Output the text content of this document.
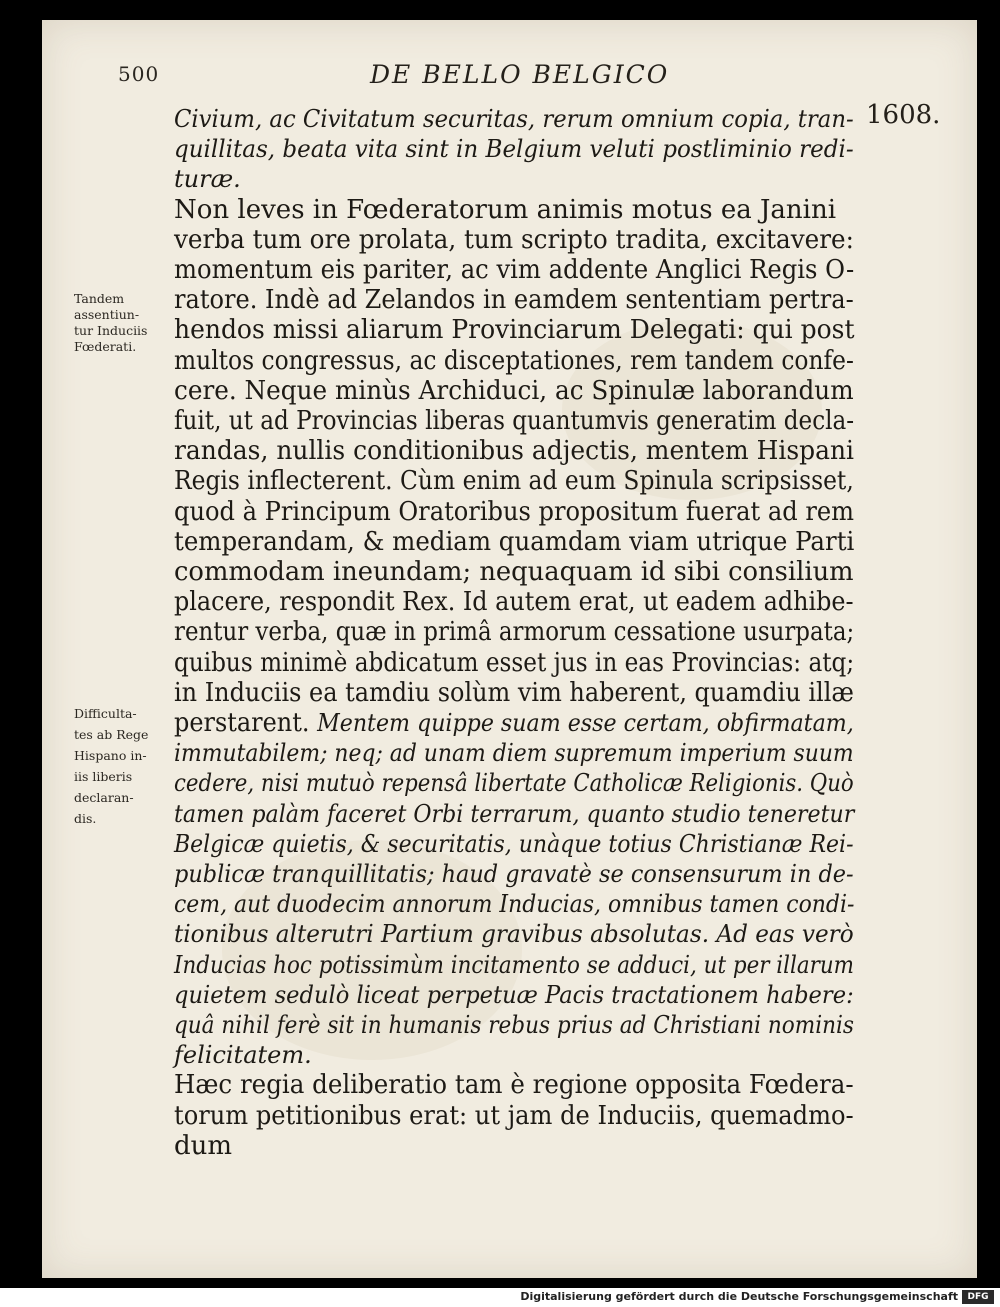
500	DE BELLO BELGICO
1608.
Civium, ac Civitatum securitas, rerum omnium copia, tran-
quillitas, beata vita sint in Belgium veluti postliminio redi-
turæ.
Non leves in Fœderatorum animis motus ea Janini
verba tum ore prolata, tum scripto tradita, excitavere:
momentum eis pariter, ac vim addente Anglici Regis O-
ratore. Indè ad Zelandos in eamdem sententiam pertra-
hendos missi aliarum Provinciarum Delegati: qui post
multos congressus, ac disceptationes, rem tandem confe-
cere. Neque minùs Archiduci, ac Spinulæ laborandum
fuit, ut ad Provincias liberas quantumvis generatim decla-
randas, nullis conditionibus adjectis, mentem Hispani
Regis inflecterent. Cùm enim ad eum Spinula scripsisset,
quod à Principum Oratoribus propositum fuerat ad rem
temperandam, & mediam quamdam viam utrique Parti
commodam ineundam; nequaquam id sibi consilium
placere, respondit Rex. Id autem erat, ut eadem adhibe-
rentur verba, quæ in primâ armorum cessatione usurpata;
quibus minimè abdicatum esset jus in eas Provincias: atq;
in Induciis ea tamdiu solùm vim haberent, quamdiu illæ
perstarent. Mentem quippe suam esse certam, obfirmatam,
immutabilem; neq; ad unam diem supremum imperium suum
cedere, nisi mutuò repensâ libertate Catholicæ Religionis. Quò
tamen palàm faceret Orbi terrarum, quanto studio teneretur
Belgicæ quietis, & securitatis, unàque totius Christianæ Rei-
publicæ tranquillitatis; haud gravatè se consensurum in de-
cem, aut duodecim annorum Inducias, omnibus tamen condi-
tionibus alterutri Partium gravibus absolutas. Ad eas verò
Inducias hoc potissimùm incitamento se adduci, ut per illarum
quietem sedulò liceat perpetuæ Pacis tractationem habere:
quâ nihil ferè sit in humanis rebus prius ad Christiani nominis
felicitatem.
Hæc regia deliberatio tam è regione opposita Fœdera-
torum petitionibus erat: ut jam de Induciis, quemadmo-
dum
Tandem
assentiun-
tur Induciis
Fœderati.
Difficulta-
tes ab Rege
Hispano in-
iis liberis
declaran-
dis.
Digitalisierung gefördert durch die Deutsche Forschungsgemeinschaft	DFG
